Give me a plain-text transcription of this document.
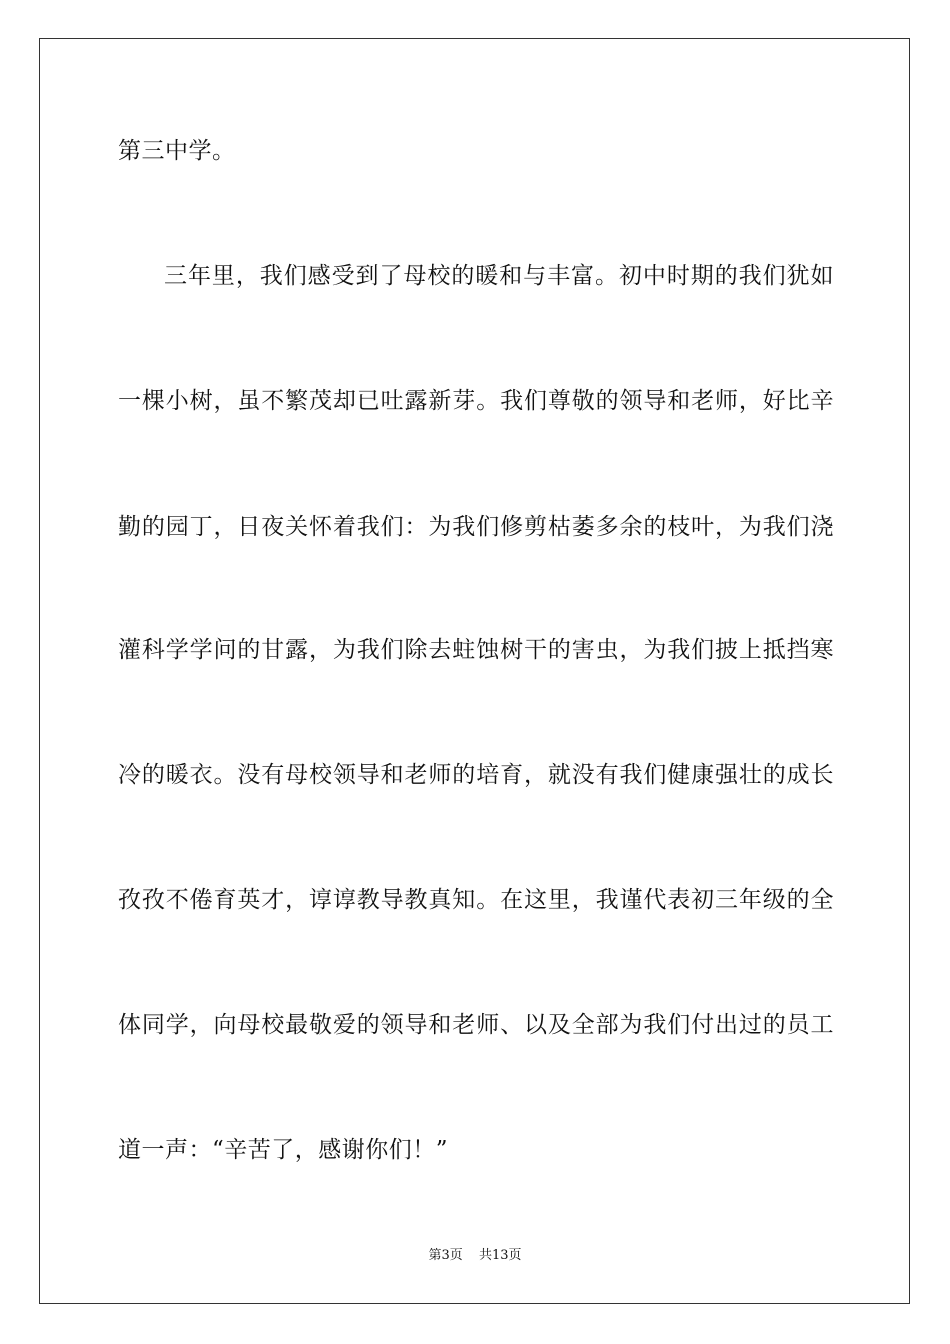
第三中学。
三年里，我们感受到了母校的暖和与丰富。初中时期的我们犹如
一棵小树，虽不繁茂却已吐露新芽。我们尊敬的领导和老师，好比辛
勤的园丁，日夜关怀着我们：为我们修剪枯萎多余的枝叶，为我们浇
灌科学学问的甘露，为我们除去蛀蚀树干的害虫，为我们披上抵挡寒
冷的暖衣。没有母校领导和老师的培育，就没有我们健康强壮的成长
孜孜不倦育英才，谆谆教导教真知。在这里，我谨代表初三年级的全
体同学，向母校最敬爱的领导和老师、以及全部为我们付出过的员工
道一声：“辛苦了，感谢你们！”
第3页 共13页
